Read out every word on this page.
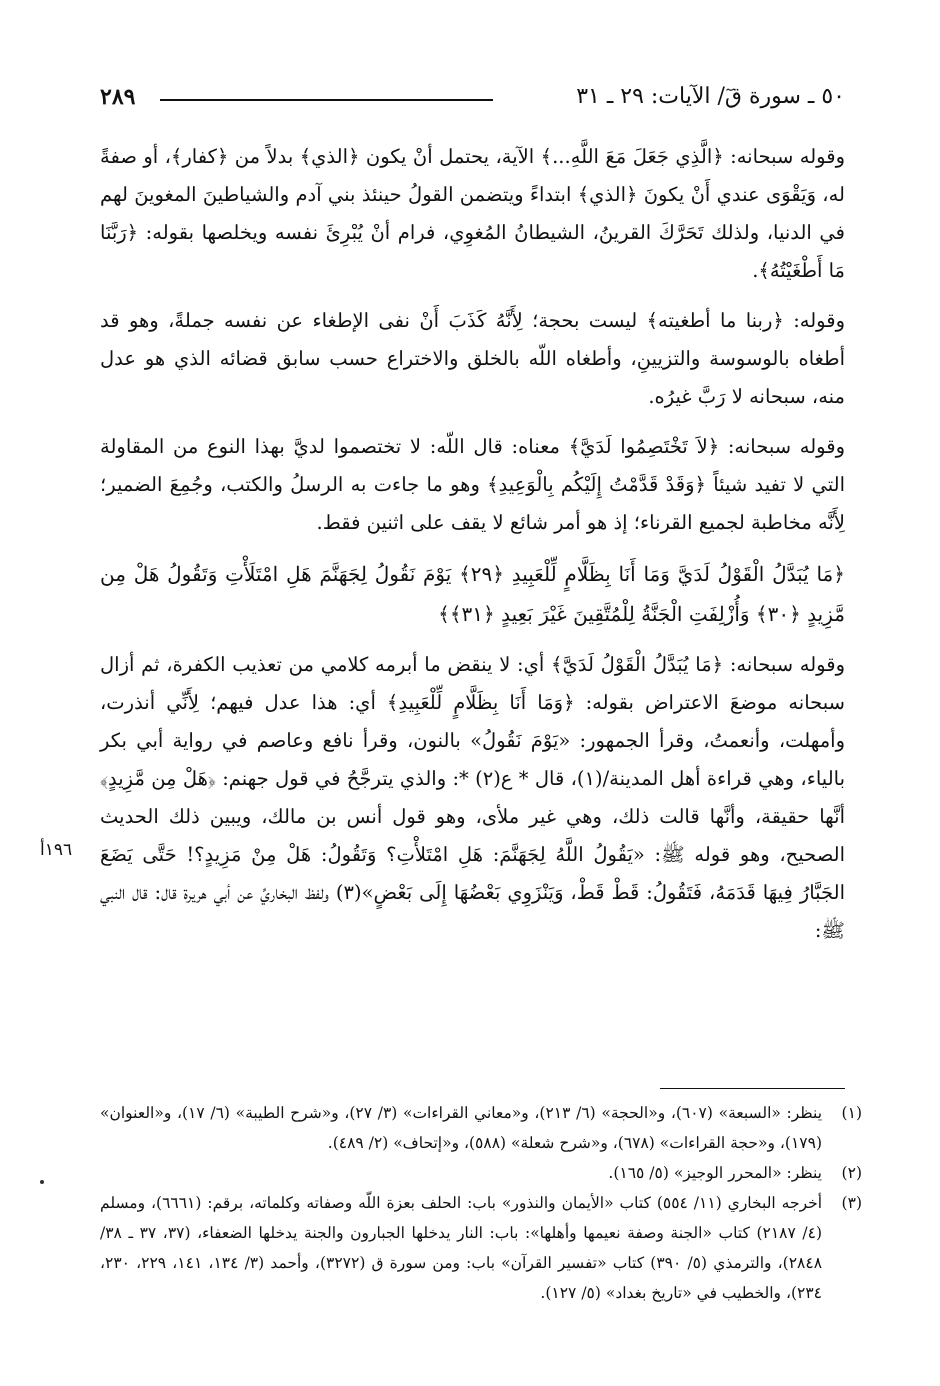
٥٠ ـ سورة قٓ/ الآيات: ٢٩ ـ ٣١
٢٨٩

وقوله سبحانه: ﴿الَّذِي جَعَلَ مَعَ اللَّهِ...﴾ الآية، يحتمل أنْ يكون ﴿الذي﴾ بدلاً من ﴿كفار﴾، أو صفةً له، وَيَقْوَى عندي أَنْ يكونَ ﴿الذي﴾ ابتداءً ويتضمن القولُ حينئذ بني آدم والشياطينَ المغوينَ لهم في الدنيا، ولذلك تَحَرَّكَ القرينُ، الشيطانُ المُغوِي، فرام أنْ يُبْرِئَ نفسه ويخلصها بقوله: ﴿رَبَّنَا مَا أَطْغَيْتُهُ﴾.

وقوله: ﴿ربنا ما أطغيته﴾ ليست بحجة؛ لِأَنَّهُ كَذَبَ أَنْ نفى الإطغاء عن نفسه جملةً، وهو قد أطغاه بالوسوسة والتزيينِ، وأطغاه اللّه بالخلق والاختراع حسب سابق قضائه الذي هو عدل منه، سبحانه لا رَبَّ غيرُه.

وقوله سبحانه: ﴿لاَ تَخْتَصِمُوا لَدَيَّ﴾ معناه: قال اللّه: لا تختصموا لديَّ بهذا النوع من المقاولة التي لا تفيد شيئاً ﴿وَقَدْ قَدَّمْتُ إِلَيْكُم بِالْوَعِيدِ﴾ وهو ما جاءت به الرسلُ والكتب، وجُمِعَ الضمير؛ لِأَنَّه مخاطبة لجميع القرناء؛ إذ هو أمر شائع لا يقف على اثنين فقط.

﴿مَا يُبَدَّلُ الْقَوْلُ لَدَيَّ وَمَا أَنَا بِظَلَّامٍ لِّلْعَبِيدِ ﴿٢٩﴾ يَوْمَ نَقُولُ لِجَهَنَّمَ هَلِ امْتَلَأْتِ وَتَقُولُ هَلْ مِن مَّزِيدٍ ﴿٣٠﴾ وَأُزْلِفَتِ الْجَنَّةُ لِلْمُتَّقِينَ غَيْرَ بَعِيدٍ ﴿٣١﴾﴾

وقوله سبحانه: ﴿مَا يُبَدَّلُ الْقَوْلُ لَدَيَّ﴾ أي: لا ينقض ما أبرمه كلامي من تعذيب الكفرة، ثم أزال سبحانه موضعَ الاعتراض بقوله: ﴿وَمَا أَنَا بِظَلَّامٍ لِّلْعَبِيدِ﴾ أي: هذا عدل فيهم؛ لِأَنِّي أنذرت، وأمهلت، وأنعمتُ، وقرأ الجمهور: «يَوْمَ نَقُولُ» بالنون، وقرأ نافع وعاصم في رواية أبي بكر بالياء، وهي قراءة أهل المدينة/(١)، قال * ع(٢) *: والذي يترجَّحُ في قول جهنم: ﴿هَلْ مِن مَّزِيدٍ﴾ أنَّها حقيقة، وأنَّها قالت ذلك، وهي غير ملأى، وهو قول أنس بن مالك، ويبين ذلك الحديث الصحيح، وهو قوله ﷺ: «يَقُولُ اللَّهُ لِجَهَنَّمَ: هَلِ امْتَلأْتِ؟ وَتَقُولُ: هَلْ مِنْ مَزِيدٍ؟! حَتَّى يَضَعَ الجَبَّارُ فِيهَا قَدَمَهُ، فَتَقُولُ: قَطْ قَطْ، وَيَنْزَوِي بَعْضُهَا إِلَى بَعْضٍ»(٣) ولفظ البخاريِّ عن أبي هريرة قال: قال النبي ﷺ:

١٩٦أ
(١)
ينظر: «السبعة» (٦٠٧)، و«الحجة» (٦/ ٢١٣)، و«معاني القراءات» (٣/ ٢٧)، و«شرح الطيبة» (٦/ ١٧)، و«العنوان» (١٧٩)، و«حجة القراءات» (٦٧٨)، و«شرح شعلة» (٥٨٨)، و«إتحاف» (٢/ ٤٨٩).
(٢)
ينظر: «المحرر الوجيز» (٥/ ١٦٥).
(٣)
أخرجه البخاري (١١/ ٥٥٤) كتاب «الأيمان والنذور» باب: الحلف بعزة اللّه وصفاته وكلماته، برقم: (٦٦٦١)، ومسلم (٤/ ٢١٨٧) كتاب «الجنة وصفة نعيمها وأهلها»: باب: النار يدخلها الجبارون والجنة يدخلها الضعفاء، (٣٧، ٣٧ ـ ٣٨/ ٢٨٤٨)، والترمذي (٥/ ٣٩٠) كتاب «تفسير القرآن» باب: ومن سورة ق (٣٢٧٢)، وأحمد (٣/ ١٣٤، ١٤١، ٢٢٩، ٢٣٠، ٢٣٤)، والخطيب في «تاريخ بغداد» (٥/ ١٢٧).
